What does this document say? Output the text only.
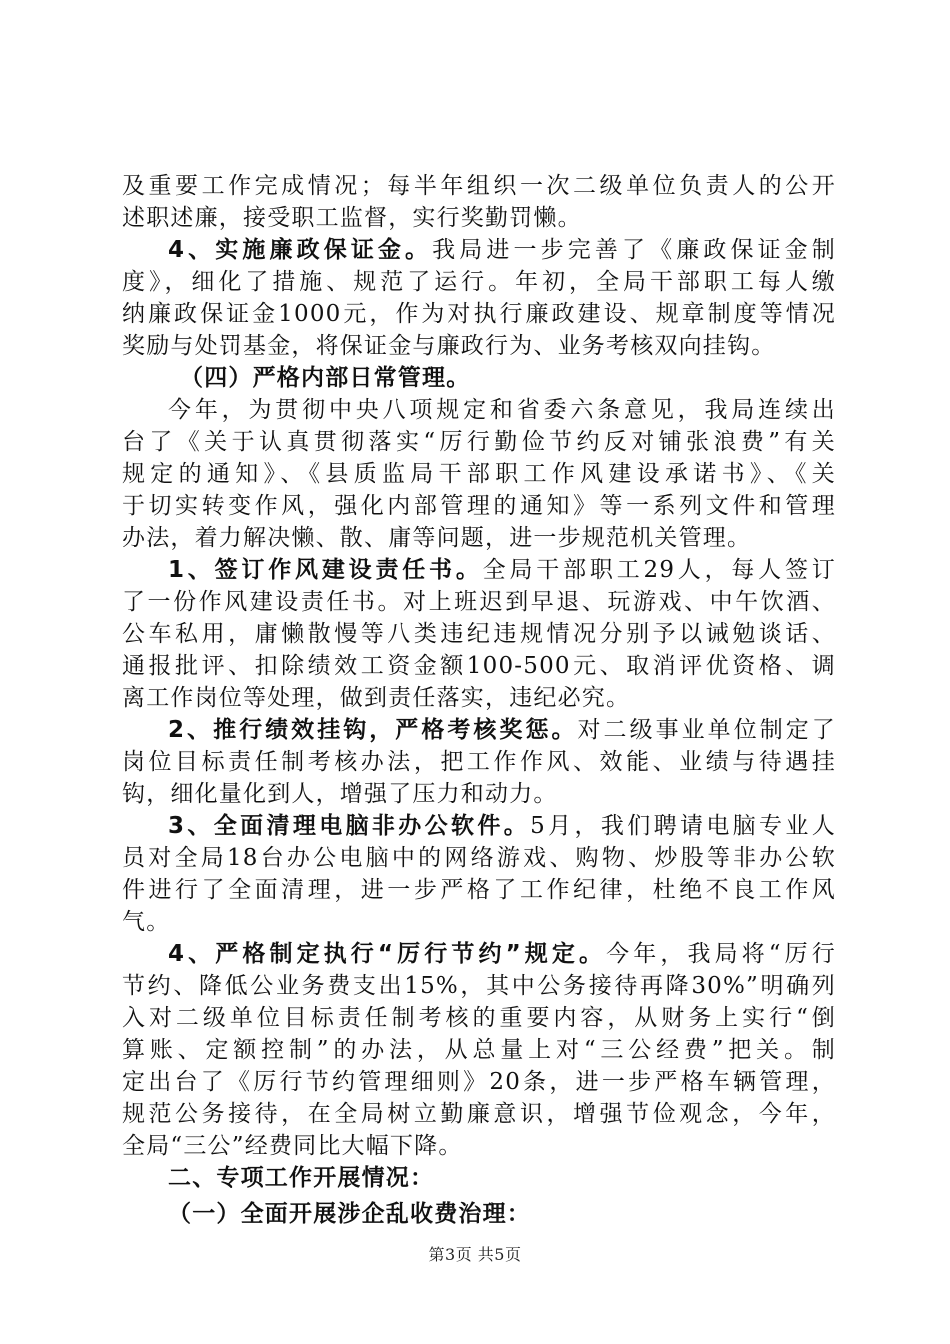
及重要工作完成情况；每半年组织一次二级单位负责人的公开
述职述廉，接受职工监督，实行奖勤罚懒。
4、实施廉政保证金。我局进一步完善了《廉政保证金制
度》，细化了措施、规范了运行。年初，全局干部职工每人缴
纳廉政保证金1000元，作为对执行廉政建设、规章制度等情况
奖励与处罚基金，将保证金与廉政行为、业务考核双向挂钩。
（四）严格内部日常管理。
今年，为贯彻中央八项规定和省委六条意见，我局连续出
台了《关于认真贯彻落实“厉行勤俭节约反对铺张浪费”有关
规定的通知》、《县质监局干部职工作风建设承诺书》、《关
于切实转变作风，强化内部管理的通知》等一系列文件和管理
办法，着力解决懒、散、庸等问题，进一步规范机关管理。
1、签订作风建设责任书。全局干部职工29人，每人签订
了一份作风建设责任书。对上班迟到早退、玩游戏、中午饮酒、
公车私用，庸懒散慢等八类违纪违规情况分别予以诫勉谈话、
通报批评、扣除绩效工资金额100-500元、取消评优资格、调
离工作岗位等处理，做到责任落实，违纪必究。
2、推行绩效挂钩，严格考核奖惩。对二级事业单位制定了
岗位目标责任制考核办法，把工作作风、效能、业绩与待遇挂
钩，细化量化到人，增强了压力和动力。
3、全面清理电脑非办公软件。5月，我们聘请电脑专业人
员对全局18台办公电脑中的网络游戏、购物、炒股等非办公软
件进行了全面清理，进一步严格了工作纪律，杜绝不良工作风
气。
4、严格制定执行“厉行节约”规定。今年，我局将“厉行
节约、降低公业务费支出15%，其中公务接待再降30%”明确列
入对二级单位目标责任制考核的重要内容，从财务上实行“倒
算账、定额控制”的办法，从总量上对“三公经费”把关。制
定出台了《厉行节约管理细则》20条，进一步严格车辆管理，
规范公务接待，在全局树立勤廉意识，增强节俭观念，今年，
全局“三公”经费同比大幅下降。
二、专项工作开展情况：
（一）全面开展涉企乱收费治理：
第3页 共5页
